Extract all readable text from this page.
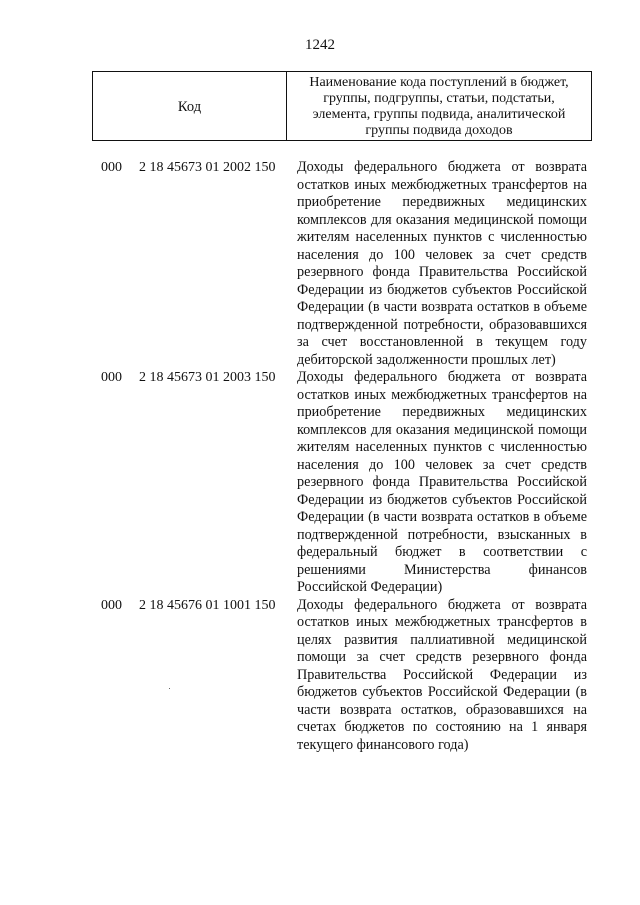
1242
Код
Наименование кода поступлений в бюджет, группы, подгруппы, статьи, подстатьи, элемента, группы подвида, аналитической группы подвида доходов
000 2 18 45673 01 2002 150 Доходы федерального бюджета от возврата остатков иных межбюджетных трансфертов на приобретение передвижных медицинских комплексов для оказания медицинской помощи жителям населенных пунктов с численностью населения до 100 человек за счет средств резервного фонда Правительства Российской Федерации из бюджетов субъектов Российской Федерации (в части возврата остатков в объеме подтвержденной потребности, образовавшихся за счет восстановленной в текущем году дебиторской задолженности прошлых лет)
000 2 18 45673 01 2003 150 Доходы федерального бюджета от возврата остатков иных межбюджетных трансфертов на приобретение передвижных медицинских комплексов для оказания медицинской помощи жителям населенных пунктов с численностью населения до 100 человек за счет средств резервного фонда Правительства Российской Федерации из бюджетов субъектов Российской Федерации (в части возврата остатков в объеме подтвержденной потребности, взысканных в федеральный бюджет в соответствии с решениями Министерства финансов Российской Федерации)
000 2 18 45676 01 1001 150 Доходы федерального бюджета от возврата остатков иных межбюджетных трансфертов в целях развития паллиативной медицинской помощи за счет средств резервного фонда Правительства Российской Федерации из бюджетов субъектов Российской Федерации (в части возврата остатков, образовавшихся на счетах бюджетов по состоянию на 1 января текущего финансового года)
